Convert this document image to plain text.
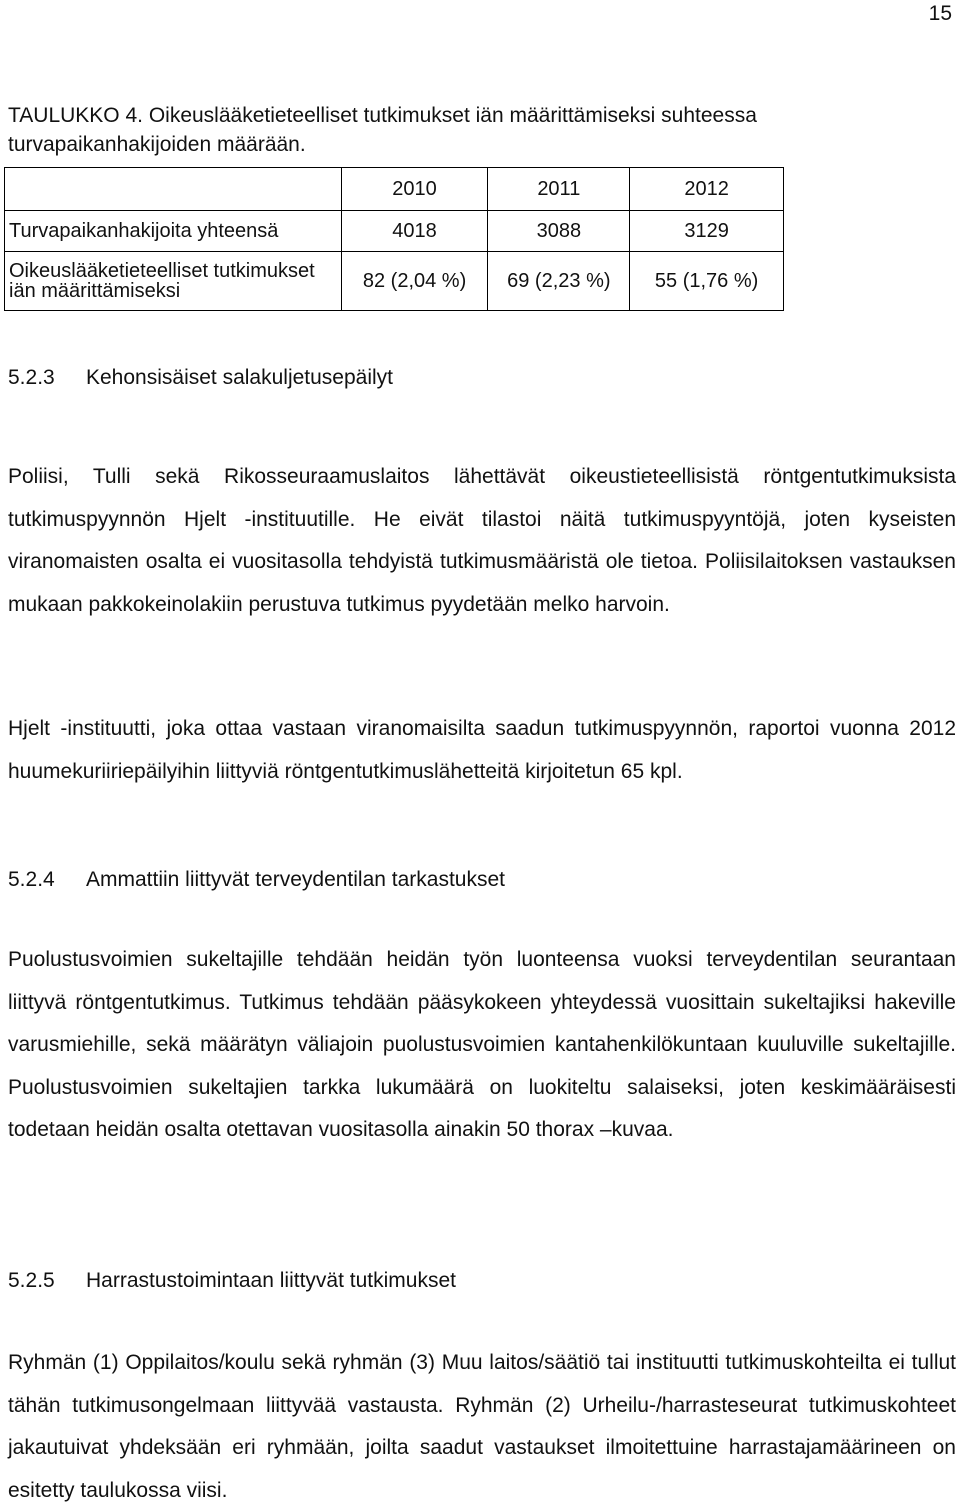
15
TAULUKKO 4. Oikeuslääketieteelliset tutkimukset iän määrittämiseksi suhteessa turvapaikanhakijoiden määrään.
	2010	2011	2012
Turvapaikanhakijoita yhteensä	4018	3088	3129
Oikeuslääketieteelliset tutkimukset iän määrittämiseksi	82 (2,04 %)	69 (2,23 %)	55 (1,76 %)
5.2.3 Kehonsisäiset salakuljetusepäilyt
Poliisi, Tulli sekä Rikosseuraamuslaitos lähettävät oikeustieteellisistä röntgentutkimuksista tutkimuspyynnön Hjelt -instituutille. He eivät tilastoi näitä tutkimuspyyntöjä, joten kyseisten viranomaisten osalta ei vuositasolla tehdyistä tutkimusmääristä ole tietoa. Poliisilaitoksen vastauksen mukaan pakkokeinolakiin perustuva tutkimus pyydetään melko harvoin.
Hjelt -instituutti, joka ottaa vastaan viranomaisilta saadun tutkimuspyynnön, raportoi vuonna 2012 huumekuriiriepäilyihin liittyviä röntgentutkimuslähetteitä kirjoitetun 65 kpl.
5.2.4 Ammattiin liittyvät terveydentilan tarkastukset
Puolustusvoimien sukeltajille tehdään heidän työn luonteensa vuoksi terveydentilan seurantaan liittyvä röntgentutkimus. Tutkimus tehdään pääsykokeen yhteydessä vuosittain sukeltajiksi hakeville varusmiehille, sekä määrätyn väliajoin puolustusvoimien kantahenkilökuntaan kuuluville sukeltajille. Puolustusvoimien sukeltajien tarkka lukumäärä on luokiteltu salaiseksi, joten keskimääräisesti todetaan heidän osalta otettavan vuositasolla ainakin 50 thorax –kuvaa.
5.2.5 Harrastustoimintaan liittyvät tutkimukset
Ryhmän (1) Oppilaitos/koulu sekä ryhmän (3) Muu laitos/säätiö tai instituutti tutkimuskohteilta ei tullut tähän tutkimusongelmaan liittyvää vastausta. Ryhmän (2) Urheilu-/harrasteseurat tutkimuskohteet jakautuivat yhdeksään eri ryhmään, joilta saadut vastaukset ilmoitettuine harrastajamäärineen on esitetty taulukossa viisi.
